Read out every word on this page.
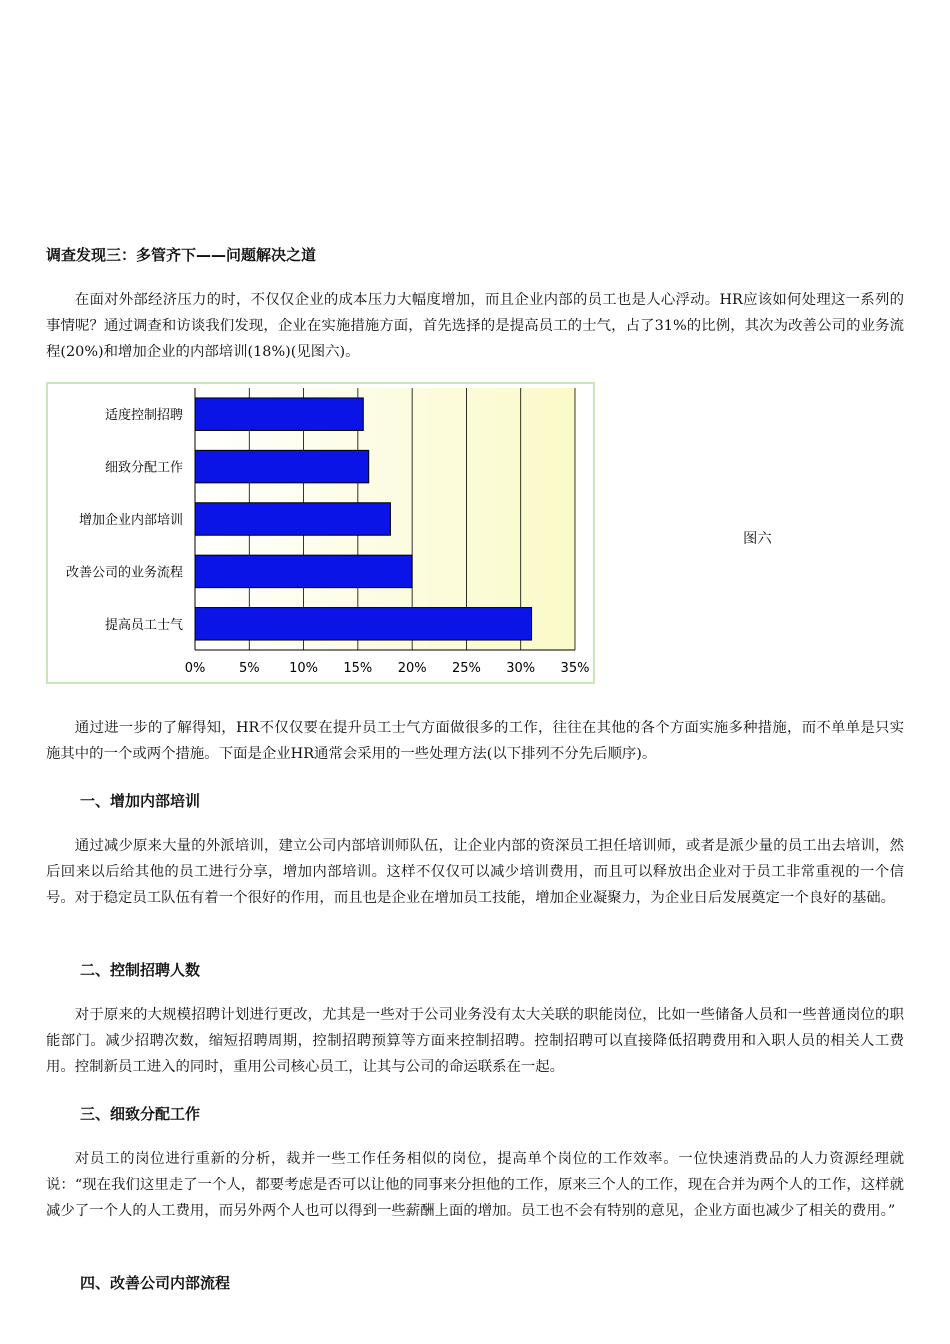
调查发现三：多管齐下——问题解决之道
在面对外部经济压力的时，不仅仅企业的成本压力大幅度增加，而且企业内部的员工也是人心浮动。HR应该如何处理这一系列的事情呢？通过调查和访谈我们发现，企业在实施措施方面，首先选择的是提高员工的士气，占了31%的比例，其次为改善公司的业务流程(20%)和增加企业的内部培训(18%)(见图六)。
适度控制招聘
细致分配工作
增加企业内部培训
改善公司的业务流程
提高员工士气
0%	5% 10% 15% 20% 25% 30% 35%
图六
通过进一步的了解得知，HR不仅仅要在提升员工士气方面做很多的工作，往往在其他的各个方面实施多种措施，而不单单是只实施其中的一个或两个措施。下面是企业HR通常会采用的一些处理方法(以下排列不分先后顺序)。
一、增加内部培训
通过减少原来大量的外派培训，建立公司内部培训师队伍，让企业内部的资深员工担任培训师，或者是派少量的员工出去培训，然后回来以后给其他的员工进行分享，增加内部培训。这样不仅仅可以减少培训费用，而且可以释放出企业对于员工非常重视的一个信号。对于稳定员工队伍有着一个很好的作用，而且也是企业在增加员工技能，增加企业凝聚力，为企业日后发展奠定一个良好的基础。
二、控制招聘人数
对于原来的大规模招聘计划进行更改，尤其是一些对于公司业务没有太大关联的职能岗位，比如一些储备人员和一些普通岗位的职能部门。减少招聘次数，缩短招聘周期，控制招聘预算等方面来控制招聘。控制招聘可以直接降低招聘费用和入职人员的相关人工费用。控制新员工进入的同时，重用公司核心员工，让其与公司的命运联系在一起。
三、细致分配工作
对员工的岗位进行重新的分析，裁并一些工作任务相似的岗位，提高单个岗位的工作效率。一位快速消费品的人力资源经理就说：“现在我们这里走了一个人，都要考虑是否可以让他的同事来分担他的工作，原来三个人的工作，现在合并为两个人的工作，这样就减少了一个人的人工费用，而另外两个人也可以得到一些薪酬上面的增加。员工也不会有特别的意见，企业方面也减少了相关的费用。”
四、改善公司内部流程
